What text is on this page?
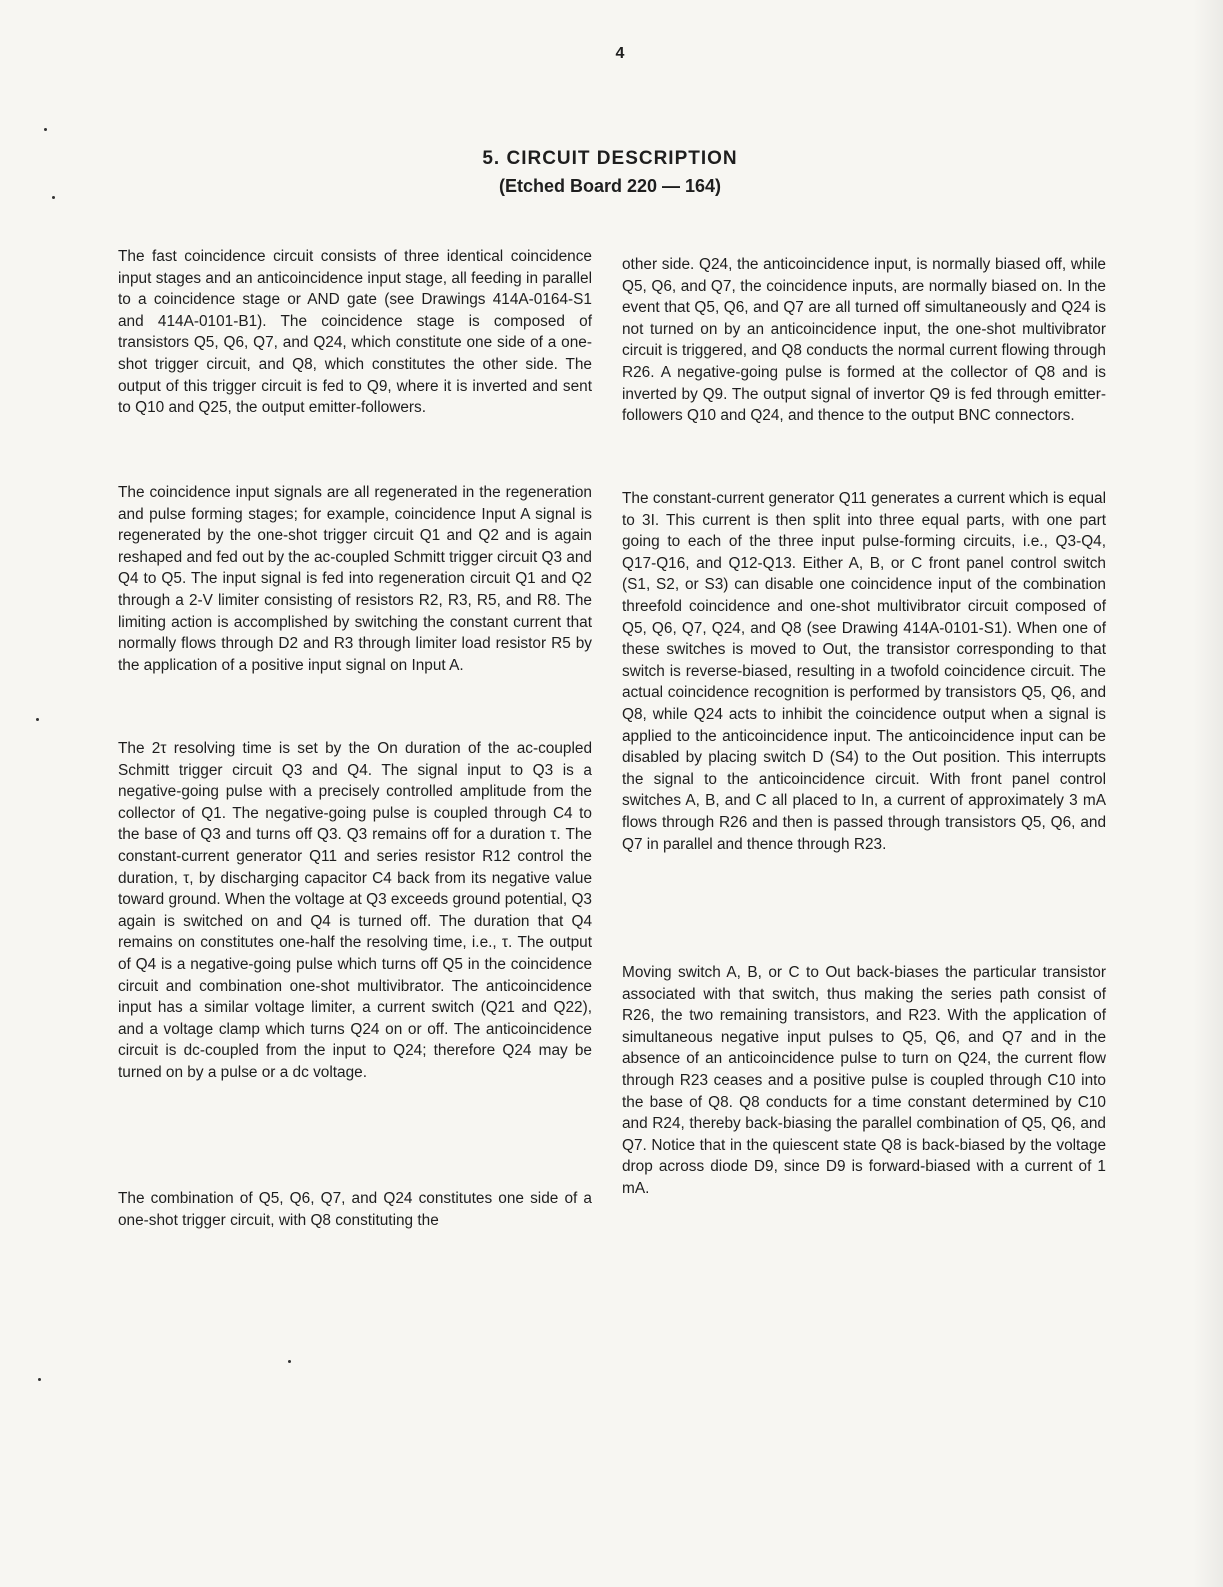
4
5. CIRCUIT DESCRIPTION
(Etched Board 220 — 164)

The fast coincidence circuit consists of three identical coincidence input stages and an anticoincidence input stage, all feeding in parallel to a coincidence stage or AND gate (see Drawings 414A-0164-S1 and 414A-0101-B1). The coincidence stage is composed of transistors Q5, Q6, Q7, and Q24, which constitute one side of a one-shot trigger circuit, and Q8, which constitutes the other side. The output of this trigger circuit is fed to Q9, where it is inverted and sent to Q10 and Q25, the output emitter-followers.

The coincidence input signals are all regenerated in the regeneration and pulse forming stages; for example, coincidence Input A signal is regenerated by the one-shot trigger circuit Q1 and Q2 and is again reshaped and fed out by the ac-coupled Schmitt trigger circuit Q3 and Q4 to Q5. The input signal is fed into regeneration circuit Q1 and Q2 through a 2-V limiter consisting of resistors R2, R3, R5, and R8. The limiting action is accomplished by switching the constant current that normally flows through D2 and R3 through limiter load resistor R5 by the application of a positive input signal on Input A.

The 2τ resolving time is set by the On duration of the ac-coupled Schmitt trigger circuit Q3 and Q4. The signal input to Q3 is a negative-going pulse with a precisely controlled amplitude from the collector of Q1. The negative-going pulse is coupled through C4 to the base of Q3 and turns off Q3. Q3 remains off for a duration τ. The constant-current generator Q11 and series resistor R12 control the duration, τ, by discharging capacitor C4 back from its negative value toward ground. When the voltage at Q3 exceeds ground potential, Q3 again is switched on and Q4 is turned off. The duration that Q4 remains on constitutes one-half the resolving time, i.e., τ. The output of Q4 is a negative-going pulse which turns off Q5 in the coincidence circuit and combination one-shot multivibrator. The anticoincidence input has a similar voltage limiter, a current switch (Q21 and Q22), and a voltage clamp which turns Q24 on or off. The anticoincidence circuit is dc-coupled from the input to Q24; therefore Q24 may be turned on by a pulse or a dc voltage.

The combination of Q5, Q6, Q7, and Q24 constitutes one side of a one-shot trigger circuit, with Q8 constituting the

other side. Q24, the anticoincidence input, is normally biased off, while Q5, Q6, and Q7, the coincidence inputs, are normally biased on. In the event that Q5, Q6, and Q7 are all turned off simultaneously and Q24 is not turned on by an anticoincidence input, the one-shot multivibrator circuit is triggered, and Q8 conducts the normal current flowing through R26. A negative-going pulse is formed at the collector of Q8 and is inverted by Q9. The output signal of invertor Q9 is fed through emitter-followers Q10 and Q24, and thence to the output BNC connectors.

The constant-current generator Q11 generates a current which is equal to 3I. This current is then split into three equal parts, with one part going to each of the three input pulse-forming circuits, i.e., Q3-Q4, Q17-Q16, and Q12-Q13. Either A, B, or C front panel control switch (S1, S2, or S3) can disable one coincidence input of the combination threefold coincidence and one-shot multivibrator circuit composed of Q5, Q6, Q7, Q24, and Q8 (see Drawing 414A-0101-S1). When one of these switches is moved to Out, the transistor corresponding to that switch is reverse-biased, resulting in a twofold coincidence circuit. The actual coincidence recognition is performed by transistors Q5, Q6, and Q8, while Q24 acts to inhibit the coincidence output when a signal is applied to the anticoincidence input. The anticoincidence input can be disabled by placing switch D (S4) to the Out position. This interrupts the signal to the anticoincidence circuit. With front panel control switches A, B, and C all placed to In, a current of approximately 3 mA flows through R26 and then is passed through transistors Q5, Q6, and Q7 in parallel and thence through R23.

Moving switch A, B, or C to Out back-biases the particular transistor associated with that switch, thus making the series path consist of R26, the two remaining transistors, and R23. With the application of simultaneous negative input pulses to Q5, Q6, and Q7 and in the absence of an anticoincidence pulse to turn on Q24, the current flow through R23 ceases and a positive pulse is coupled through C10 into the base of Q8. Q8 conducts for a time constant determined by C10 and R24, thereby back-biasing the parallel combination of Q5, Q6, and Q7. Notice that in the quiescent state Q8 is back-biased by the voltage drop across diode D9, since D9 is forward-biased with a current of 1 mA.
